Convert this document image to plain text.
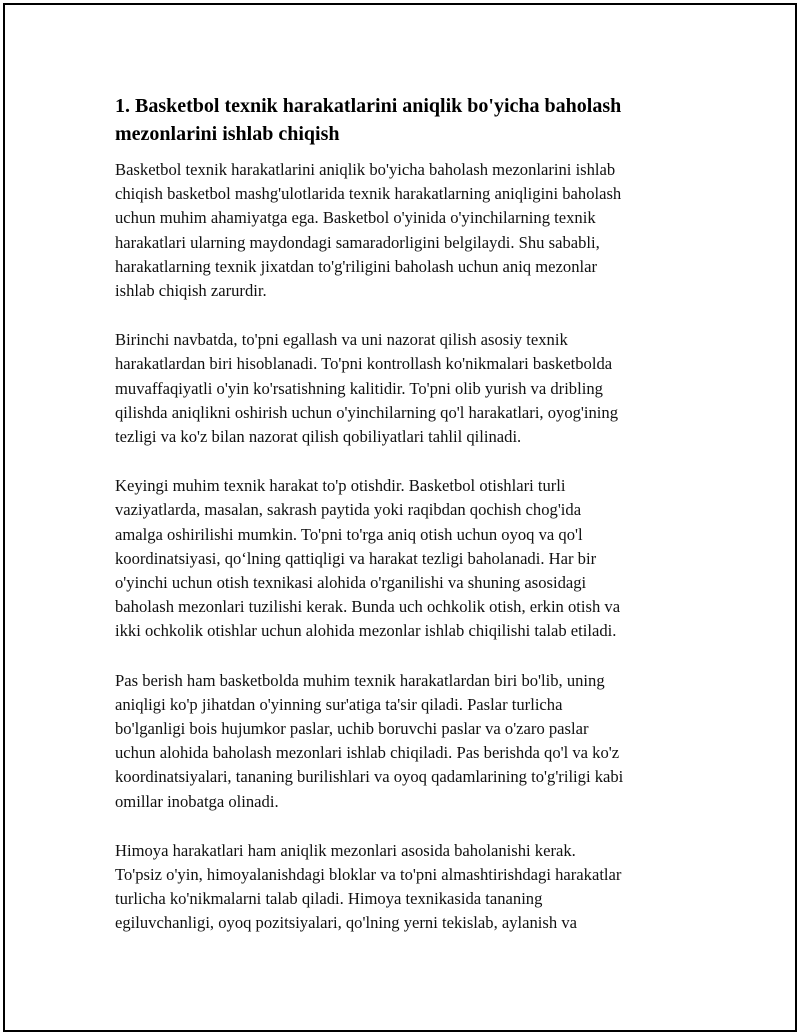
1. Basketbol texnik harakatlarini aniqlik bo'yicha baholash
mezonlarini ishlab chiqish

Basketbol texnik harakatlarini aniqlik bo'yicha baholash mezonlarini ishlab
chiqish basketbol mashg'ulotlarida texnik harakatlarning aniqligini baholash
uchun muhim ahamiyatga ega. Basketbol o'yinida o'yinchilarning texnik
harakatlari ularning maydondagi samaradorligini belgilaydi. Shu sababli,
harakatlarning texnik jixatdan to'g'riligini baholash uchun aniq mezonlar
ishlab chiqish zarurdir.

Birinchi navbatda, to'pni egallash va uni nazorat qilish asosiy texnik
harakatlardan biri hisoblanadi. To'pni kontrollash ko'nikmalari basketbolda
muvaffaqiyatli o'yin ko'rsatishning kalitidir. To'pni olib yurish va dribling
qilishda aniqlikni oshirish uchun o'yinchilarning qo'l harakatlari, oyog'ining
tezligi va ko'z bilan nazorat qilish qobiliyatlari tahlil qilinadi.

Keyingi muhim texnik harakat to'p otishdir. Basketbol otishlari turli
vaziyatlarda, masalan, sakrash paytida yoki raqibdan qochish chog'ida
amalga oshirilishi mumkin. To'pni to'rga aniq otish uchun oyoq va qo'l
koordinatsiyasi, qo‘lning qattiqligi va harakat tezligi baholanadi. Har bir
o'yinchi uchun otish texnikasi alohida o'rganilishi va shuning asosidagi
baholash mezonlari tuzilishi kerak. Bunda uch ochkolik otish, erkin otish va
ikki ochkolik otishlar uchun alohida mezonlar ishlab chiqilishi talab etiladi.

Pas berish ham basketbolda muhim texnik harakatlardan biri bo'lib, uning
aniqligi ko'p jihatdan o'yinning sur'atiga ta'sir qiladi. Paslar turlicha
bo'lganligi bois hujumkor paslar, uchib boruvchi paslar va o'zaro paslar
uchun alohida baholash mezonlari ishlab chiqiladi. Pas berishda qo'l va ko'z
koordinatsiyalari, tananing burilishlari va oyoq qadamlarining to'g'riligi kabi
omillar inobatga olinadi.

Himoya harakatlari ham aniqlik mezonlari asosida baholanishi kerak.
To'psiz o'yin, himoyalanishdagi bloklar va to'pni almashtirishdagi harakatlar
turlicha ko'nikmalarni talab qiladi. Himoya texnikasida tananing
egiluvchanligi, oyoq pozitsiyalari, qo'lning yerni tekislab, aylanish va
